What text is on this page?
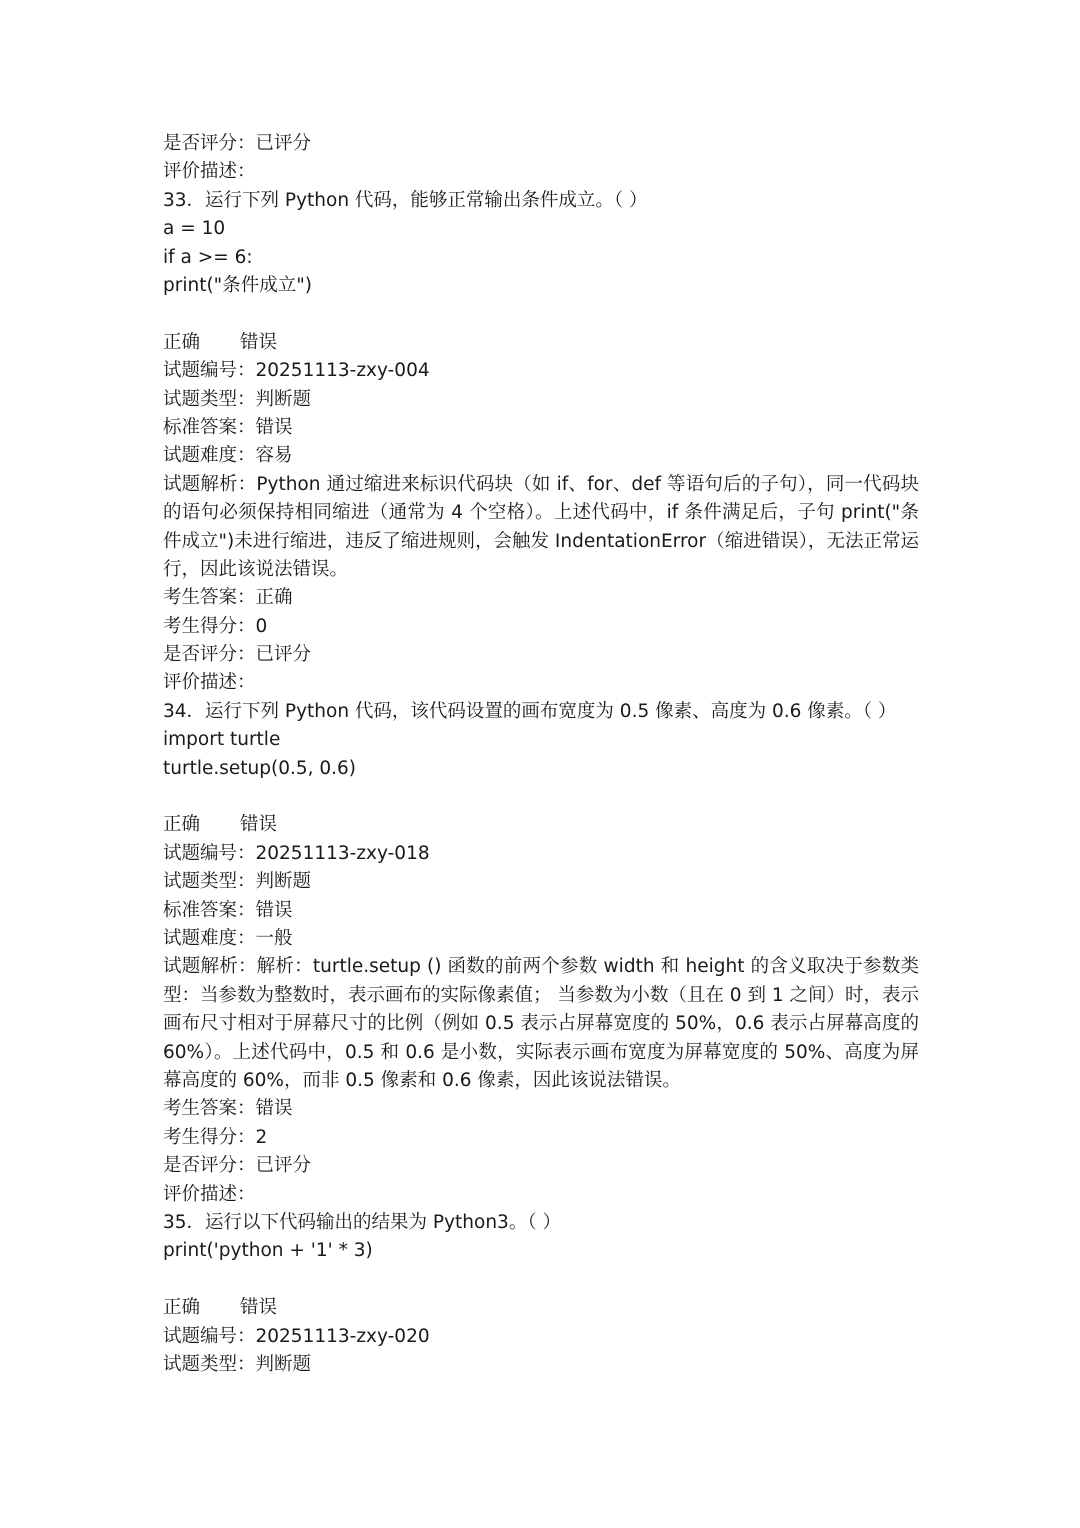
是否评分：已评分
评价描述：
33．运行下列 Python 代码，能够正常输出条件成立。（ ）
a = 10
if a >= 6:
print("条件成立")
正确	错误
试题编号：20251113-zxy-004
试题类型：判断题
标准答案：错误
试题难度：容易
试题解析：Python 通过缩进来标识代码块（如 if、for、def 等语句后的子句），同一代码块的语句必须保持相同缩进（通常为 4 个空格）。上述代码中，if 条件满足后，子句 print("条件成立")未进行缩进，违反了缩进规则，会触发 IndentationError（缩进错误），无法正常运行，因此该说法错误。
考生答案：正确
考生得分：0
是否评分：已评分
评价描述：
34．运行下列 Python 代码，该代码设置的画布宽度为 0.5 像素、高度为 0.6 像素。（ ）
import turtle
turtle.setup(0.5, 0.6)
正确	错误
试题编号：20251113-zxy-018
试题类型：判断题
标准答案：错误
试题难度：一般
试题解析：解析：turtle.setup () 函数的前两个参数 width 和 height 的含义取决于参数类型：当参数为整数时，表示画布的实际像素值； 当参数为小数（且在 0 到 1 之间）时，表示画布尺寸相对于屏幕尺寸的比例（例如 0.5 表示占屏幕宽度的 50%，0.6 表示占屏幕高度的 60%）。上述代码中，0.5 和 0.6 是小数，实际表示画布宽度为屏幕宽度的 50%、高度为屏幕高度的 60%，而非 0.5 像素和 0.6 像素，因此该说法错误。
考生答案：错误
考生得分：2
是否评分：已评分
评价描述：
35．运行以下代码输出的结果为 Python3。（ ）
print('python + '1' * 3)
正确	错误
试题编号：20251113-zxy-020
试题类型：判断题
